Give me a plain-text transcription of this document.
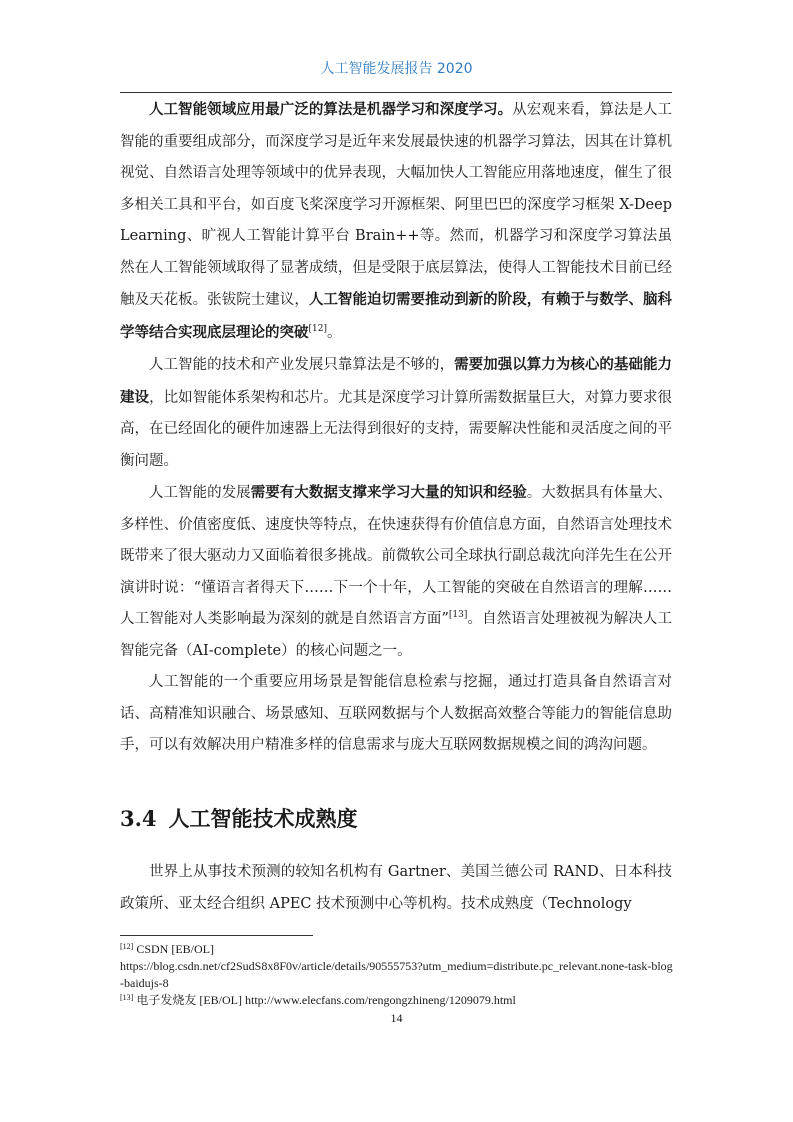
人工智能发展报告 2020

人工智能领域应用最广泛的算法是机器学习和深度学习。从宏观来看，算法是人工智能的重要组成部分，而深度学习是近年来发展最快速的机器学习算法，因其在计算机视觉、自然语言处理等领域中的优异表现，大幅加快人工智能应用落地速度，催生了很多相关工具和平台，如百度飞桨深度学习开源框架、阿里巴巴的深度学习框架 X-Deep Learning、旷视人工智能计算平台 Brain++等。然而，机器学习和深度学习算法虽然在人工智能领域取得了显著成绩，但是受限于底层算法，使得人工智能技术目前已经触及天花板。张钹院士建议，人工智能迫切需要推动到新的阶段，有赖于与数学、脑科学等结合实现底层理论的突破[12]。

人工智能的技术和产业发展只靠算法是不够的，需要加强以算力为核心的基础能力建设，比如智能体系架构和芯片。尤其是深度学习计算所需数据量巨大，对算力要求很高，在已经固化的硬件加速器上无法得到很好的支持，需要解决性能和灵活度之间的平衡问题。

人工智能的发展需要有大数据支撑来学习大量的知识和经验。大数据具有体量大、多样性、价值密度低、速度快等特点，在快速获得有价值信息方面，自然语言处理技术既带来了很大驱动力又面临着很多挑战。前微软公司全球执行副总裁沈向洋先生在公开演讲时说：“懂语言者得天下……下一个十年，人工智能的突破在自然语言的理解……人工智能对人类影响最为深刻的就是自然语言方面”[13]。自然语言处理被视为解决人工智能完备（AI-complete）的核心问题之一。

人工智能的一个重要应用场景是智能信息检索与挖掘，通过打造具备自然语言对话、高精准知识融合、场景感知、互联网数据与个人数据高效整合等能力的智能信息助手，可以有效解决用户精准多样的信息需求与庞大互联网数据规模之间的鸿沟问题。

3.4 人工智能技术成熟度

世界上从事技术预测的较知名机构有 Gartner、美国兰德公司 RAND、日本科技政策所、亚太经合组织 APEC 技术预测中心等机构。技术成熟度（Technology

[12] CSDN [EB/OL]

https://blog.csdn.net/cf2SudS8x8F0v/article/details/90555753?utm_medium=distribute.pc_relevant.none-task-blog-baidujs-8

[13] 电子发烧友 [EB/OL] http://www.elecfans.com/rengongzhineng/1209079.html

14
